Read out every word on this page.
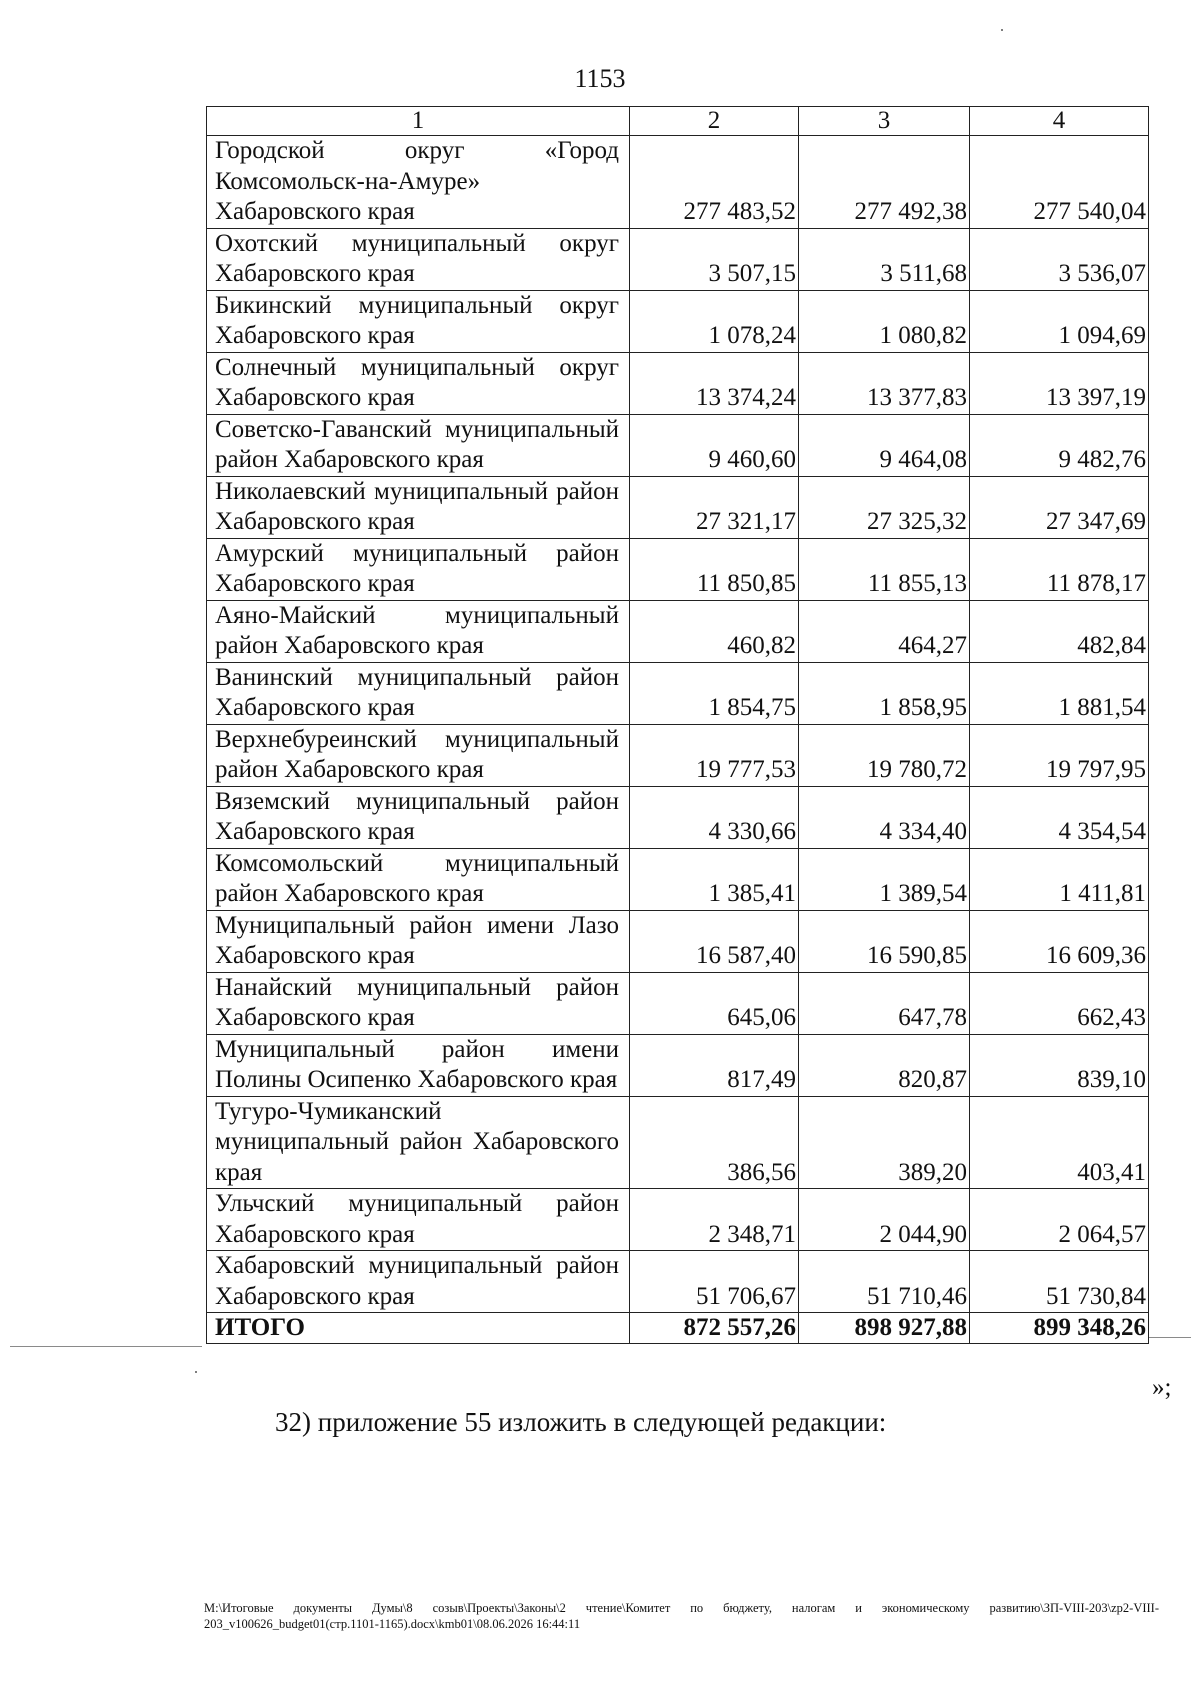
1153
1	2	3	4
Городской округ «Город Комсомольск-на-Амуре» Хабаровского края	277 483,52	277 492,38	277 540,04
Охотский муниципальный округ Хабаровского края	3 507,15	3 511,68	3 536,07
Бикинский муниципальный округ Хабаровского края	1 078,24	1 080,82	1 094,69
Солнечный муниципальный округ Хабаровского края	13 374,24	13 377,83	13 397,19
Советско-Гаванский муниципальный район Хабаровского края	9 460,60	9 464,08	9 482,76
Николаевский муниципальный район Хабаровского края	27 321,17	27 325,32	27 347,69
Амурский муниципальный район Хабаровского края	11 850,85	11 855,13	11 878,17
Аяно-Майский муниципальный район Хабаровского края	460,82	464,27	482,84
Ванинский муниципальный район Хабаровского края	1 854,75	1 858,95	1 881,54
Верхнебуреинский муниципальный район Хабаровского края	19 777,53	19 780,72	19 797,95
Вяземский муниципальный район Хабаровского края	4 330,66	4 334,40	4 354,54
Комсомольский муниципальный район Хабаровского края	1 385,41	1 389,54	1 411,81
Муниципальный район имени Лазо Хабаровского края	16 587,40	16 590,85	16 609,36
Нанайский муниципальный район Хабаровского края	645,06	647,78	662,43
Муниципальный район имени Полины Осипенко Хабаровского края	817,49	820,87	839,10
Тугуро-Чумиканский муниципальный район Хабаровского края	386,56	389,20	403,41
Ульчский муниципальный район Хабаровского края	2 348,71	2 044,90	2 064,57
Хабаровский муниципальный район Хабаровского края	51 706,67	51 710,46	51 730,84
ИТОГО	872 557,26	898 927,88	899 348,26
»;
32) приложение 55 изложить в следующей редакции:
M:\Итоговые документы Думы\8 созыв\Проекты\Законы\2 чтение\Комитет по бюджету, налогам и экономическому развитию\ЗП-VIII-203\zp2-VIII-203_v100626_budget01(стр.1101-1165).docx\kmb01\08.06.2026 16:44:11
